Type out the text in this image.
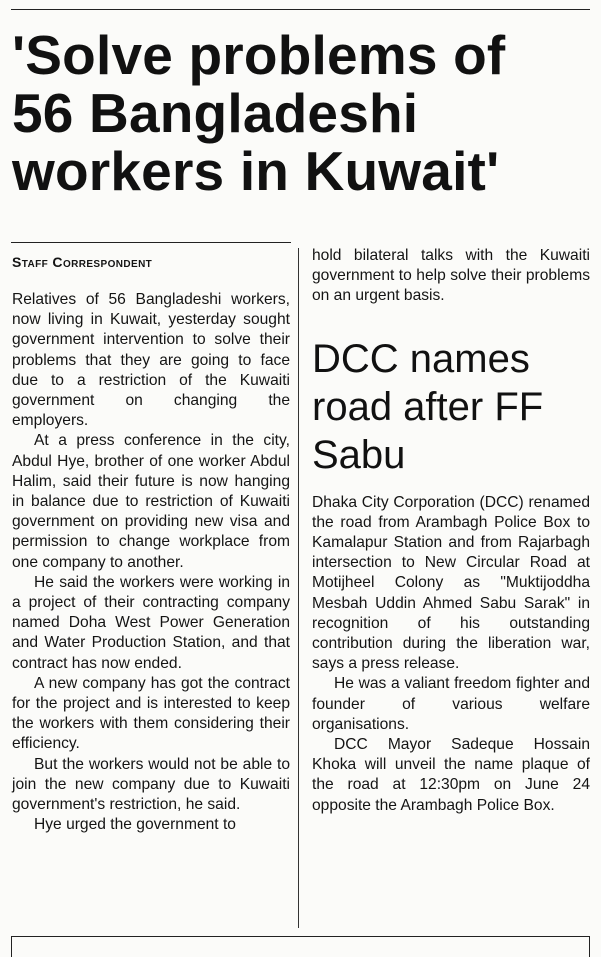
'Solve problems of
56 Bangladeshi
workers in Kuwait'
Staff Correspondent

Relatives of 56 Bangladeshi workers, now living in Kuwait, yesterday sought government intervention to solve their problems that they are going to face due to a restriction of the Kuwaiti government on changing the employers.

At a press conference in the city, Abdul Hye, brother of one worker Abdul Halim, said their future is now hanging in balance due to restriction of Kuwaiti government on providing new visa and permission to change workplace from one company to another.

He said the workers were working in a project of their contracting company named Doha West Power Generation and Water Production Station, and that contract has now ended.

A new company has got the contract for the project and is interested to keep the workers with them considering their efficiency.

But the workers would not be able to join the new company due to Kuwaiti government's restriction, he said.

Hye urged the government to

hold bilateral talks with the Kuwaiti government to help solve their problems on an urgent basis.

DCC names
road after FF
Sabu

Dhaka City Corporation (DCC) renamed the road from Arambagh Police Box to Kamalapur Station and from Rajarbagh intersection to New Circular Road at Motijheel Colony as "Muktijoddha Mesbah Uddin Ahmed Sabu Sarak" in recognition of his outstanding contribution during the liberation war, says a press release.

He was a valiant freedom fighter and founder of various welfare organisations.

DCC Mayor Sadeque Hossain Khoka will unveil the name plaque of the road at 12:30pm on June 24 opposite the Arambagh Police Box.
